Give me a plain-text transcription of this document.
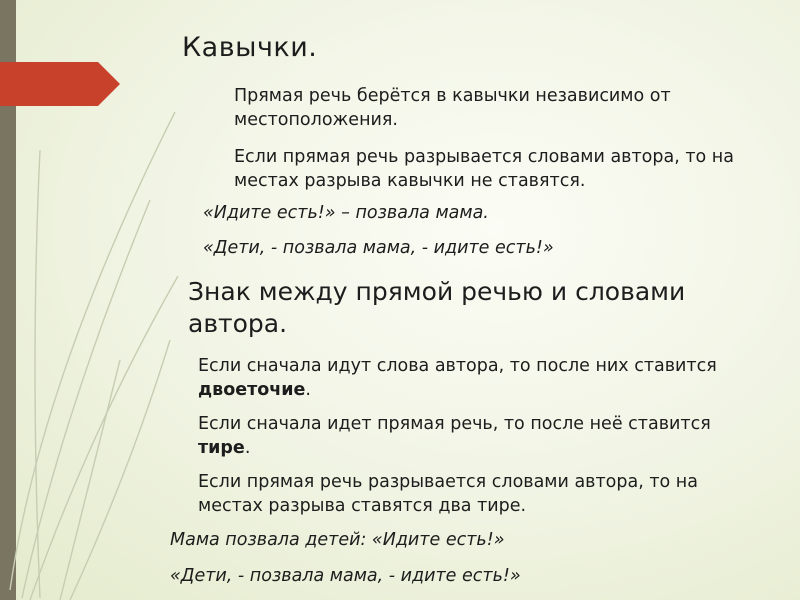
Кавычки.
Прямая речь берётся в кавычки независимо от местоположения.
Если прямая речь разрывается словами автора, то на местах разрыва кавычки не ставятся.
«Идите есть!» – позвала мама.
«Дети, - позвала мама, - идите есть!»
Знак между прямой речью и словами автора.
Если сначала идут слова автора, то после них ставится двоеточие.
Если сначала идет прямая речь, то после неё ставится тире.
Если прямая речь разрывается словами автора, то на местах разрыва ставятся два тире.
Мама позвала детей: «Идите есть!»
«Дети, - позвала мама, - идите есть!»
